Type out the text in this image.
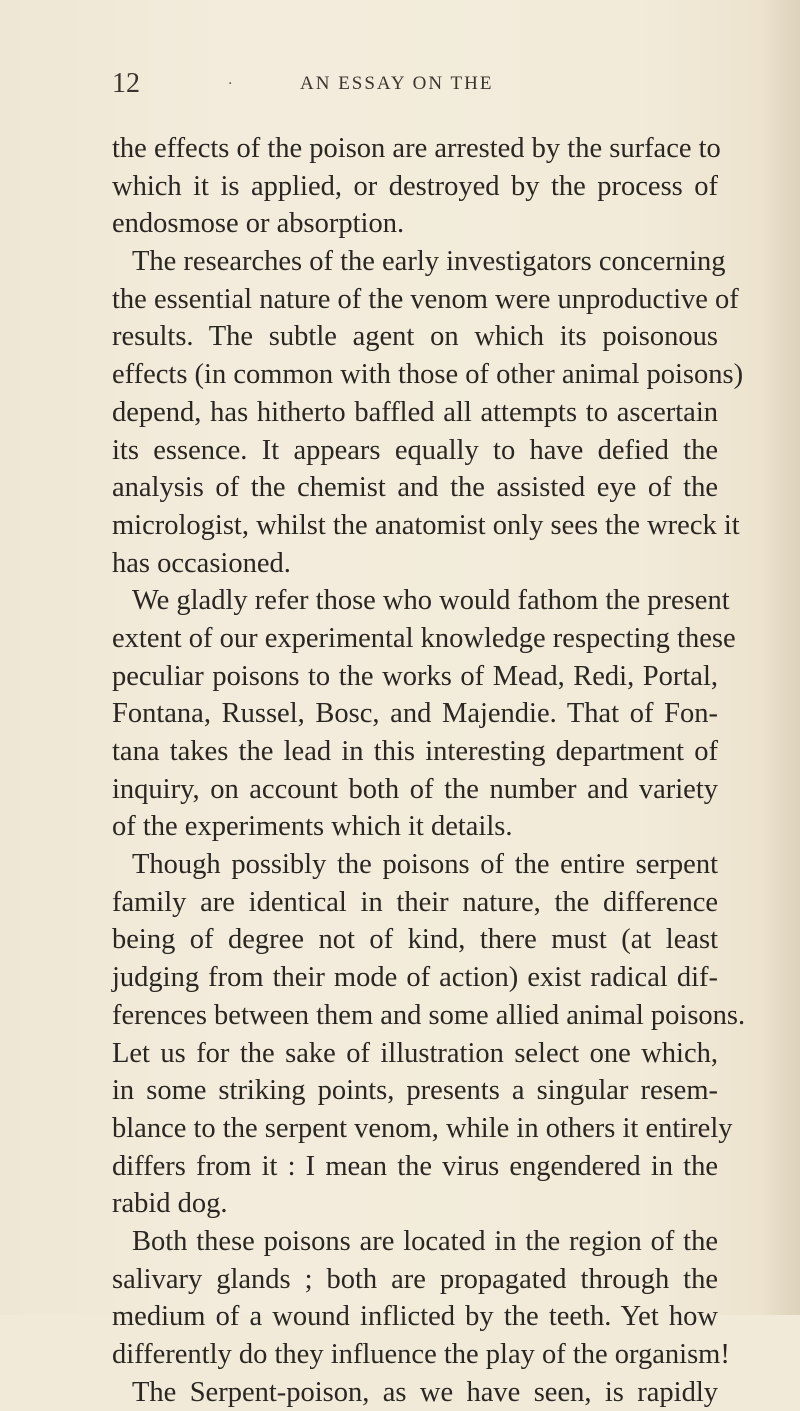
12	·	AN ESSAY ON THE
the effects of the poison are arrested by the surface to
which it is applied, or destroyed by the process of
endosmose or absorption.
The researches of the early investigators concerning
the essential nature of the venom were unproductive of
results. The subtle agent on which its poisonous
effects (in common with those of other animal poisons)
depend, has hitherto baffled all attempts to ascertain
its essence. It appears equally to have defied the
analysis of the chemist and the assisted eye of the
micrologist, whilst the anatomist only sees the wreck it
has occasioned.
We gladly refer those who would fathom the present
extent of our experimental knowledge respecting these
peculiar poisons to the works of Mead, Redi, Portal,
Fontana, Russel, Bosc, and Majendie. That of Fon-
tana takes the lead in this interesting department of
inquiry, on account both of the number and variety
of the experiments which it details.
Though possibly the poisons of the entire serpent
family are identical in their nature, the difference
being of degree not of kind, there must (at least
judging from their mode of action) exist radical dif-
ferences between them and some allied animal poisons.
Let us for the sake of illustration select one which,
in some striking points, presents a singular resem-
blance to the serpent venom, while in others it entirely
differs from it : I mean the virus engendered in the
rabid dog.
Both these poisons are located in the region of the
salivary glands ; both are propagated through the
medium of a wound inflicted by the teeth. Yet how
differently do they influence the play of the organism!
The Serpent-poison, as we have seen, is rapidly
